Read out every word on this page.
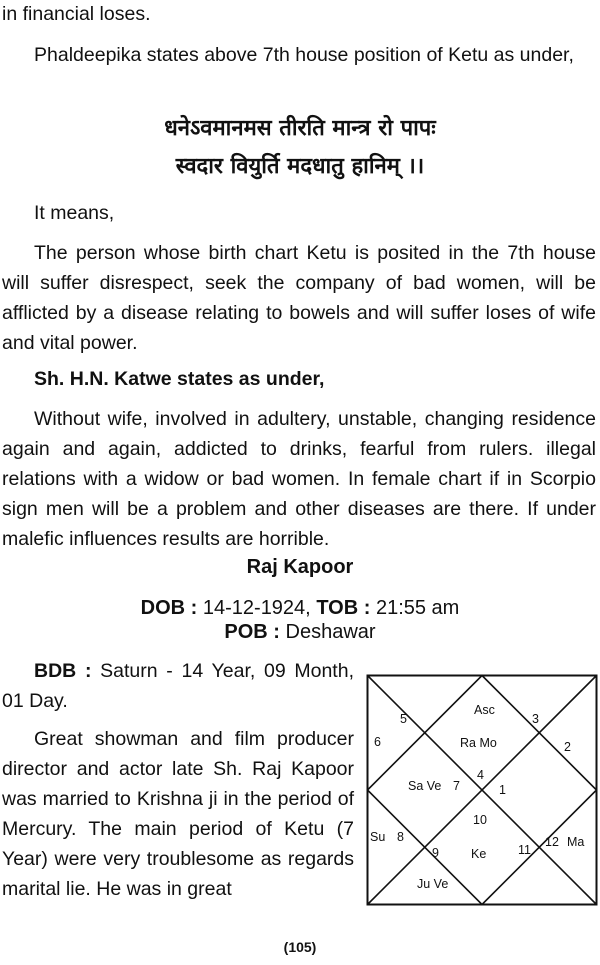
in financial loses.

Phaldeepika states above 7th house position of Ketu as under,

धनेऽवमानमस तीरति मान्त्र रो पापः
स्वदार वियुर्ति मदधातु हानिम् ।।

It means,

The person whose birth chart Ketu is posited in the 7th house will suffer disrespect, seek the company of bad women, will be afflicted by a disease relating to bowels and will suffer loses of wife and vital power.

Sh. H.N. Katwe states as under,

Without wife, involved in adultery, unstable, changing residence again and again, addicted to drinks, fearful from rulers. illegal relations with a widow or bad women. In female chart if in Scorpio sign men will be a problem and other diseases are there. If under malefic influences results are horrible.

Raj Kapoor
DOB : 14-12-1924, TOB : 21:55 am
POB : Deshawar

BDB : Saturn - 14 Year, 09 Month, 01 Day.

Great showman and film producer director and actor late Sh. Raj Kapoor was married to Krishna ji in the period of Mercury. The main period of Ketu (7 Year) were very troublesome as regards marital lie. He was in great

Asc
Ra Mo
5
6
3
2
4
Sa Ve 7	1
10
Su 8
9	Ke	11
12 Ma
Ju Ve
(105)
